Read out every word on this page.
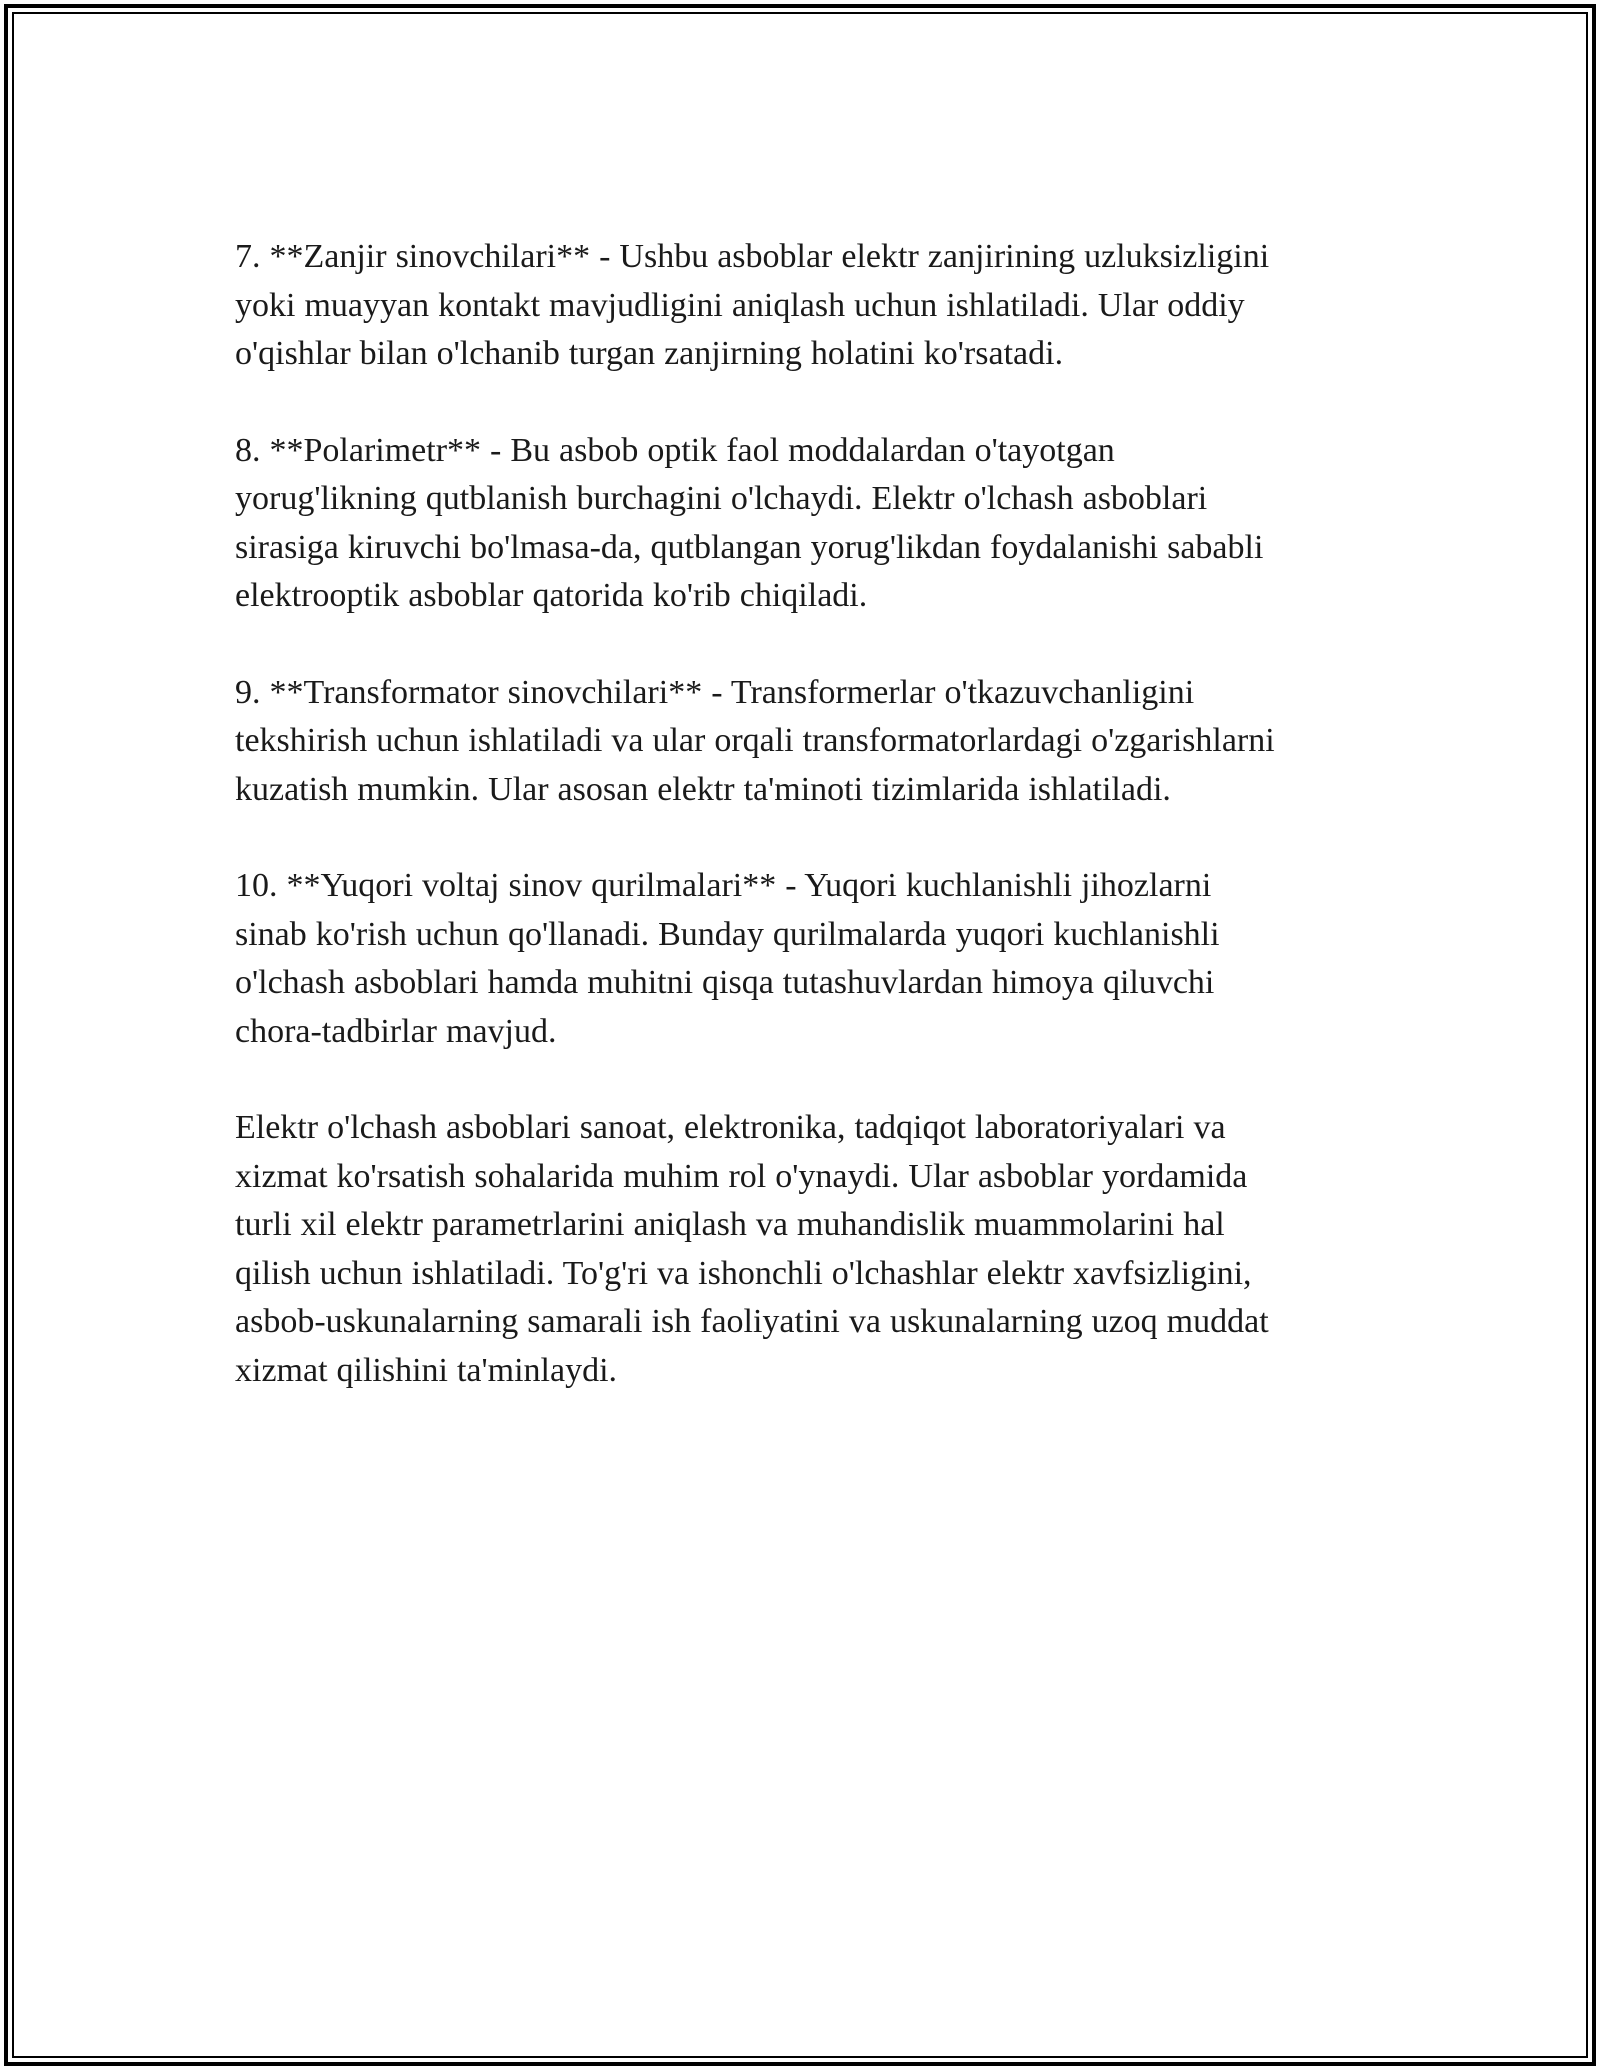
7. **Zanjir sinovchilari** - Ushbu asboblar elektr zanjirining uzluksizligini
yoki muayyan kontakt mavjudligini aniqlash uchun ishlatiladi. Ular oddiy
o'qishlar bilan o'lchanib turgan zanjirning holatini ko'rsatadi.

8. **Polarimetr** - Bu asbob optik faol moddalardan o'tayotgan
yorug'likning qutblanish burchagini o'lchaydi. Elektr o'lchash asboblari
sirasiga kiruvchi bo'lmasa-da, qutblangan yorug'likdan foydalanishi sababli
elektrooptik asboblar qatorida ko'rib chiqiladi.

9. **Transformator sinovchilari** - Transformerlar o'tkazuvchanligini
tekshirish uchun ishlatiladi va ular orqali transformatorlardagi o'zgarishlarni
kuzatish mumkin. Ular asosan elektr ta'minoti tizimlarida ishlatiladi.

10. **Yuqori voltaj sinov qurilmalari** - Yuqori kuchlanishli jihozlarni
sinab ko'rish uchun qo'llanadi. Bunday qurilmalarda yuqori kuchlanishli
o'lchash asboblari hamda muhitni qisqa tutashuvlardan himoya qiluvchi
chora-tadbirlar mavjud.

Elektr o'lchash asboblari sanoat, elektronika, tadqiqot laboratoriyalari va
xizmat ko'rsatish sohalarida muhim rol o'ynaydi. Ular asboblar yordamida
turli xil elektr parametrlarini aniqlash va muhandislik muammolarini hal
qilish uchun ishlatiladi. To'g'ri va ishonchli o'lchashlar elektr xavfsizligini,
asbob-uskunalarning samarali ish faoliyatini va uskunalarning uzoq muddat
xizmat qilishini ta'minlaydi.
